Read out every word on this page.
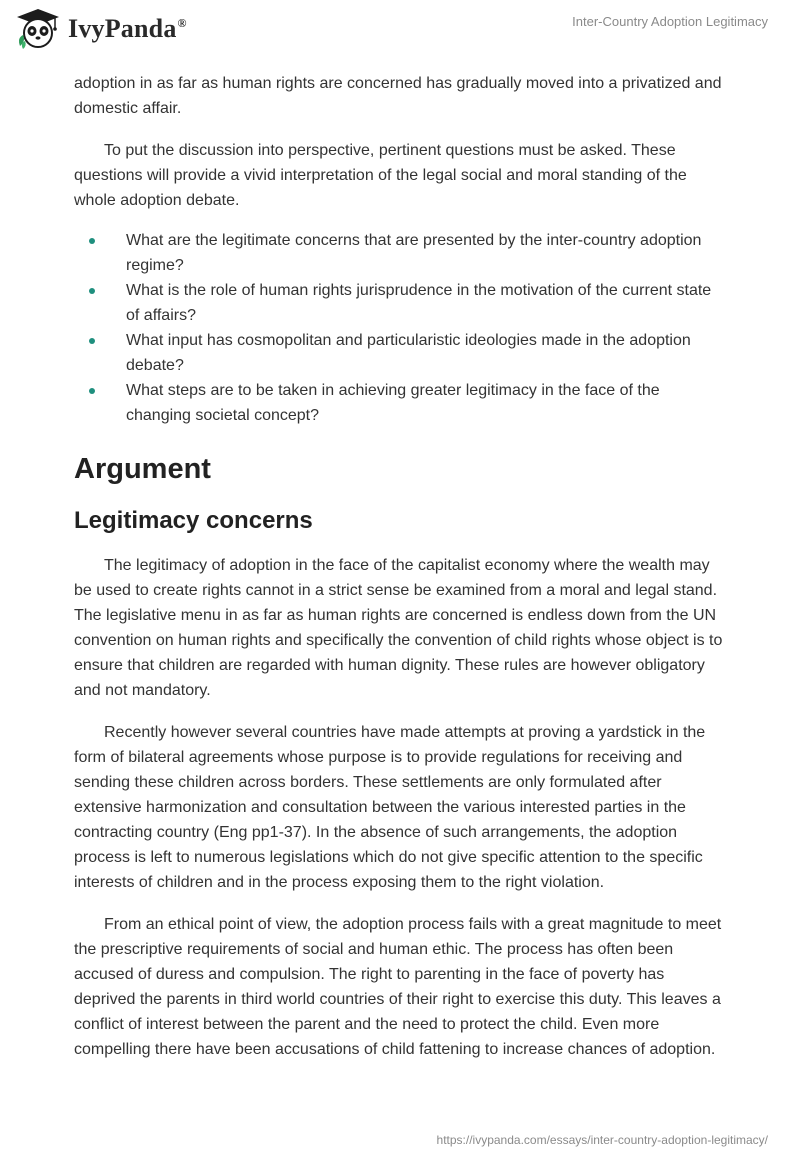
IvyPanda®	Inter-Country Adoption Legitimacy

adoption in as far as human rights are concerned has gradually moved into a privatized and domestic affair.

To put the discussion into perspective, pertinent questions must be asked. These questions will provide a vivid interpretation of the legal social and moral standing of the whole adoption debate.

What are the legitimate concerns that are presented by the inter-country adoption regime?
What is the role of human rights jurisprudence in the motivation of the current state of affairs?
What input has cosmopolitan and particularistic ideologies made in the adoption debate?
What steps are to be taken in achieving greater legitimacy in the face of the changing societal concept?
Argument
Legitimacy concerns

The legitimacy of adoption in the face of the capitalist economy where the wealth may be used to create rights cannot in a strict sense be examined from a moral and legal stand. The legislative menu in as far as human rights are concerned is endless down from the UN convention on human rights and specifically the convention of child rights whose object is to ensure that children are regarded with human dignity. These rules are however obligatory and not mandatory.

Recently however several countries have made attempts at proving a yardstick in the form of bilateral agreements whose purpose is to provide regulations for receiving and sending these children across borders. These settlements are only formulated after extensive harmonization and consultation between the various interested parties in the contracting country (Eng pp1-37). In the absence of such arrangements, the adoption process is left to numerous legislations which do not give specific attention to the specific interests of children and in the process exposing them to the right violation.

From an ethical point of view, the adoption process fails with a great magnitude to meet the prescriptive requirements of social and human ethic. The process has often been accused of duress and compulsion. The right to parenting in the face of poverty has deprived the parents in third world countries of their right to exercise this duty. This leaves a conflict of interest between the parent and the need to protect the child. Even more compelling there have been accusations of child fattening to increase chances of adoption.

https://ivypanda.com/essays/inter-country-adoption-legitimacy/
